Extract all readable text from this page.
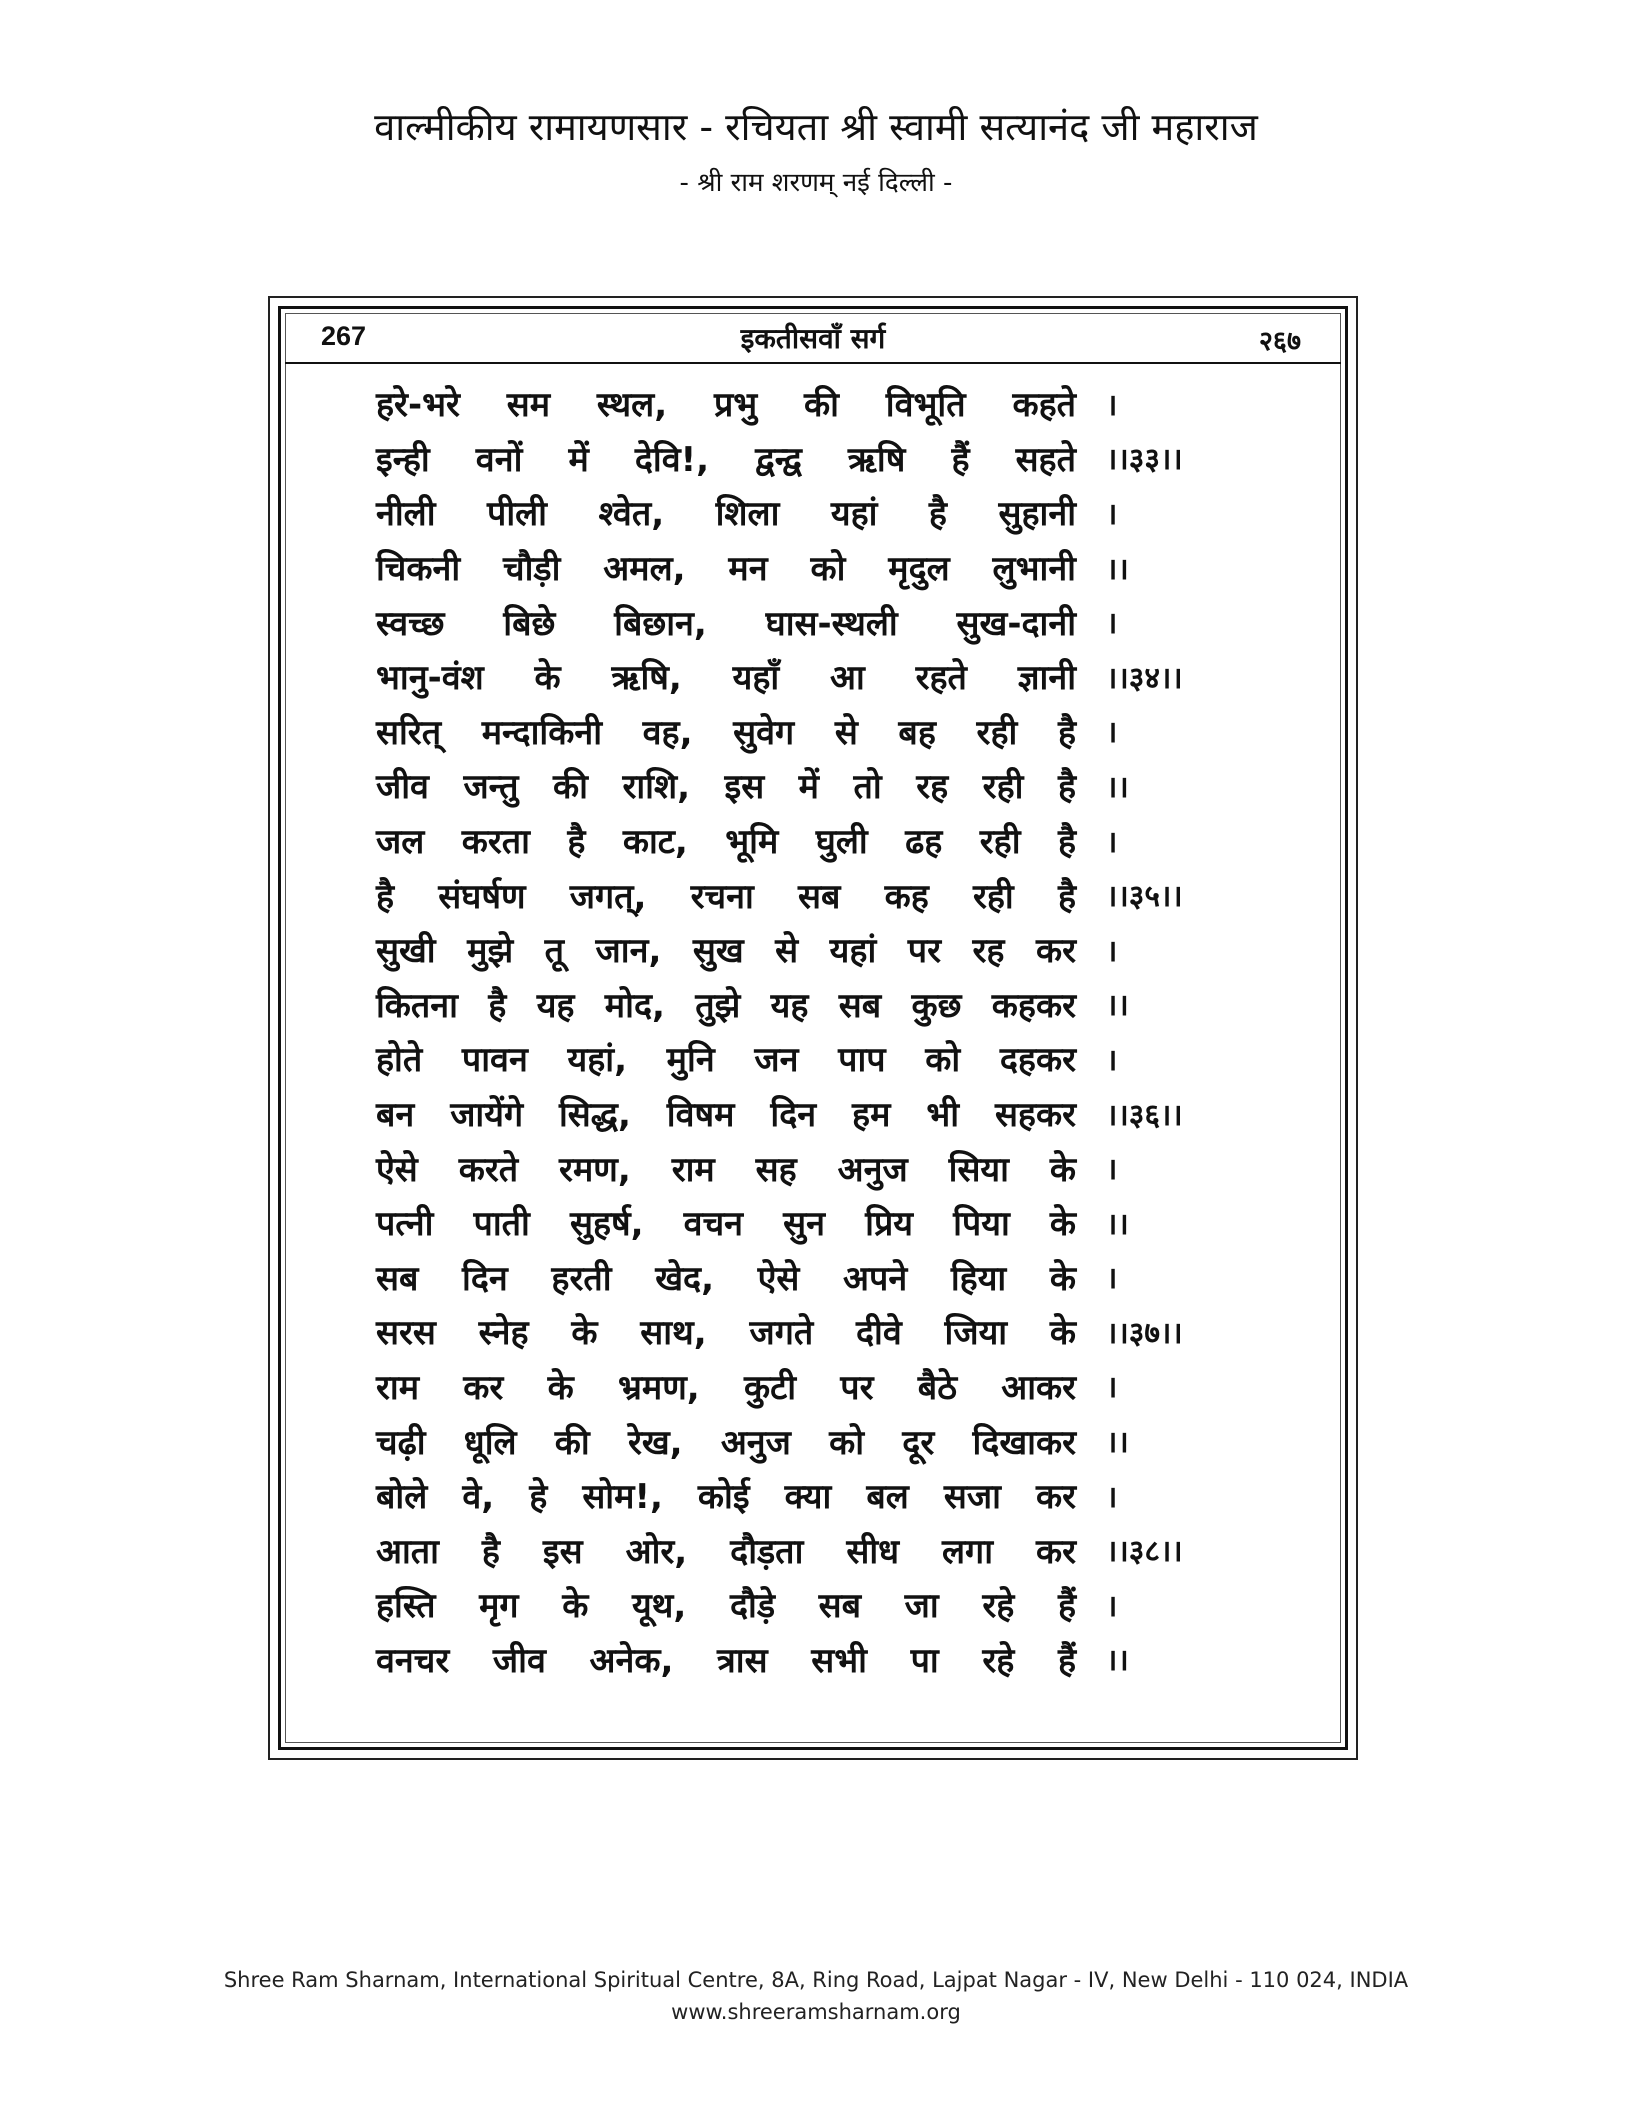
वाल्मीकीय रामायणसार - रचियता श्री स्वामी सत्यानंद जी महाराज
- श्री राम शरणम् नई दिल्ली -
267	इकतीसवाँ सर्ग	२६७
हरे-भरे सम स्थल, प्रभु की विभूति कहते ।
इन्ही वनों में देवि!, द्वन्द्व ऋषि हैं सहते ।।३३।।
नीली पीली श्वेत, शिला यहां है सुहानी ।
चिकनी चौड़ी अमल, मन को मृदुल लुभानी ।।
स्वच्छ बिछे बिछान, घास-स्थली सुख-दानी ।
भानु-वंश के ऋषि, यहाँ आ रहते ज्ञानी ।।३४।।
सरित् मन्दाकिनी वह, सुवेग से बह रही है ।
जीव जन्तु की राशि, इस में तो रह रही है ।।
जल करता है काट, भूमि घुली ढह रही है ।
है संघर्षण जगत्, रचना सब कह रही है ।।३५।।
सुखी मुझे तू जान, सुख से यहां पर रह कर ।
कितना है यह मोद, तुझे यह सब कुछ कहकर ।।
होते पावन यहां, मुनि जन पाप को दहकर ।
बन जायेंगे सिद्ध, विषम दिन हम भी सहकर ।।३६।।
ऐसे करते रमण, राम सह अनुज सिया के ।
पत्नी पाती सुहर्ष, वचन सुन प्रिय पिया के ।।
सब दिन हरती खेद, ऐसे अपने हिया के ।
सरस स्नेह के साथ, जगते दीवे जिया के ।।३७।।
राम कर के भ्रमण, कुटी पर बैठे आकर ।
चढ़ी धूलि की रेख, अनुज को दूर दिखाकर ।।
बोले वे, हे सोम!, कोई क्या बल सजा कर ।
आता है इस ओर, दौड़ता सीध लगा कर ।।३८।।
हस्ति मृग के यूथ, दौड़े सब जा रहे हैं ।
वनचर जीव अनेक, त्रास सभी पा रहे हैं ।।
Shree Ram Sharnam, International Spiritual Centre, 8A, Ring Road, Lajpat Nagar - IV, New Delhi - 110 024, INDIA
www.shreeramsharnam.org
